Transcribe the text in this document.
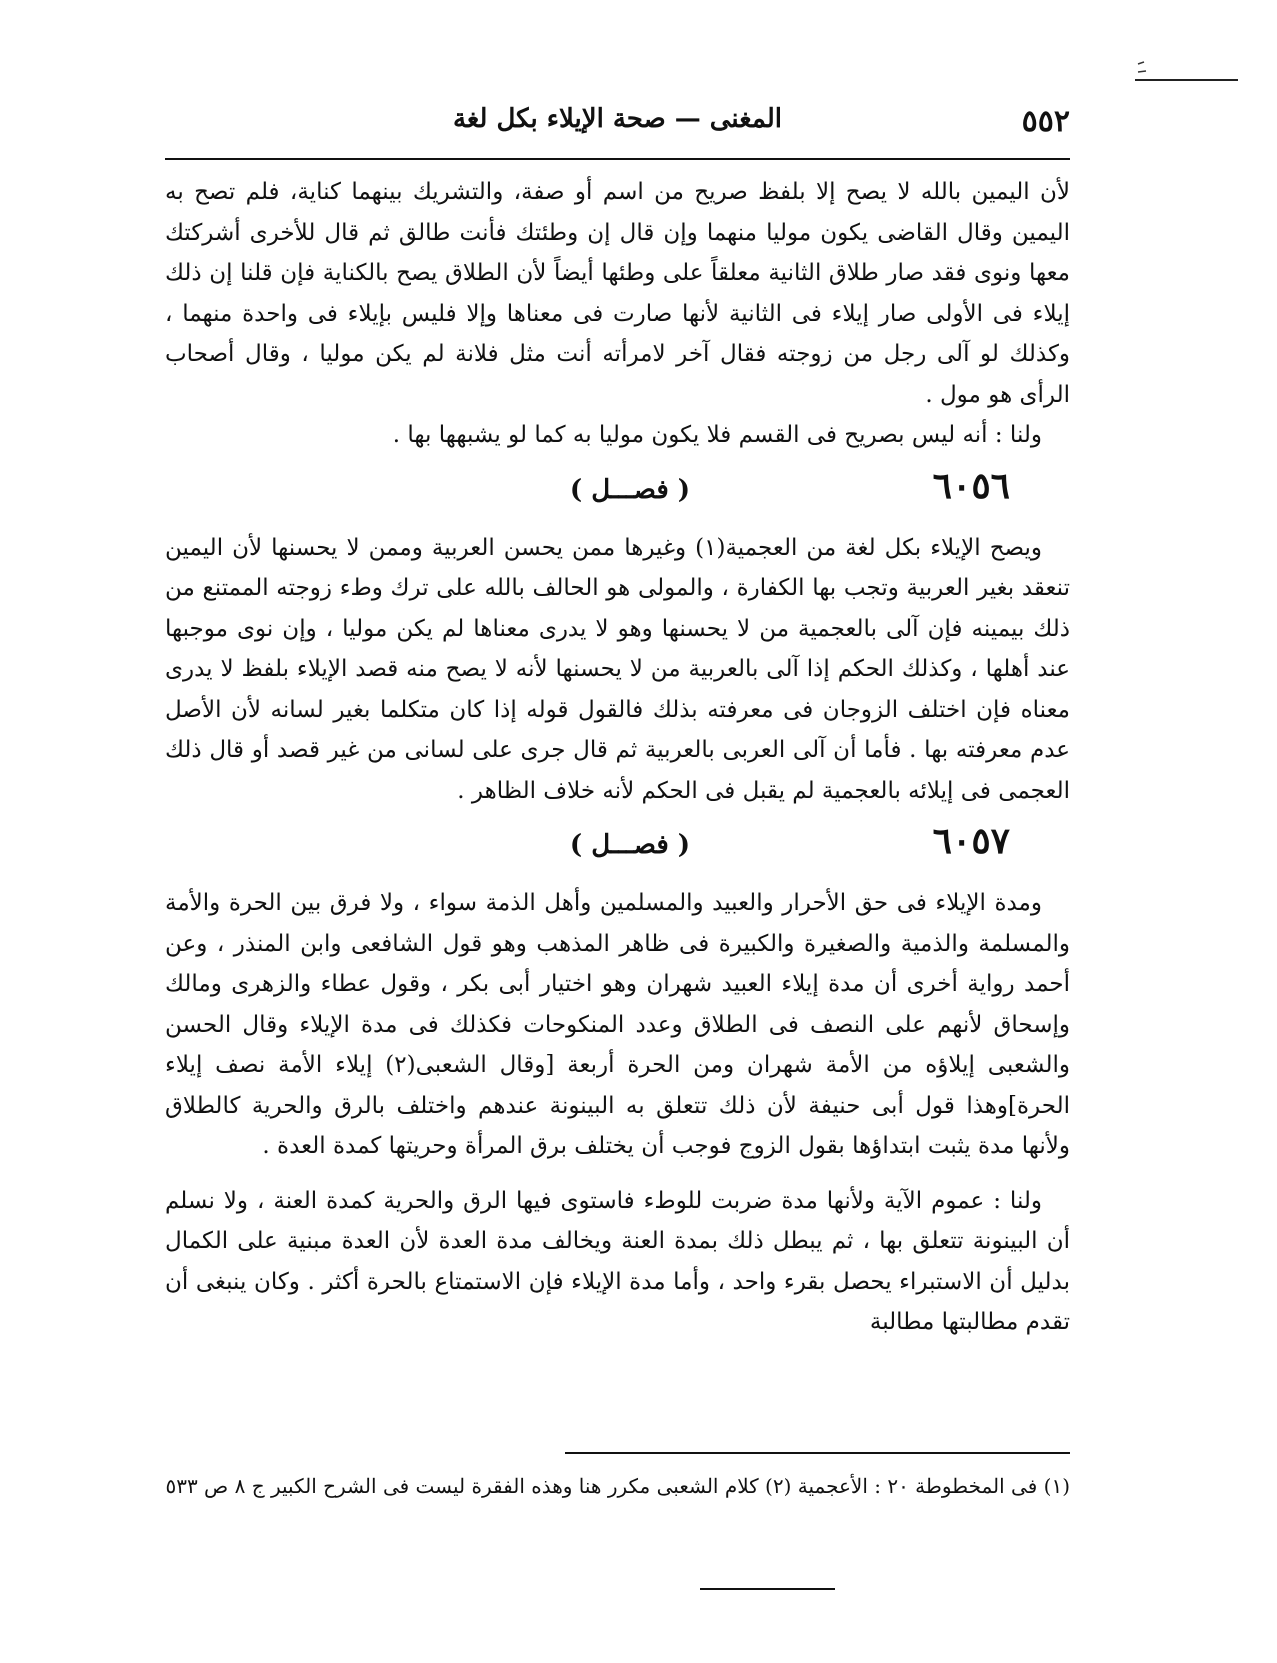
٥٥٢
المغنى — صحة الإيلاء بكل لغة

لأن اليمين بالله لا يصح إلا بلفظ صريح من اسم أو صفة، والتشريك بينهما كناية، فلم تصح به اليمين وقال القاضى يكون موليا منهما وإن قال إن وطئتك فأنت طالق ثم قال للأخرى أشركتك معها ونوى فقد صار طلاق الثانية معلقاً على وطئها أيضاً لأن الطلاق يصح بالكناية فإن قلنا إن ذلك إيلاء فى الأولى صار إيلاء فى الثانية لأنها صارت فى معناها وإلا فليس بإيلاء فى واحدة منهما ، وكذلك لو آلى رجل من زوجته فقال آخر لامرأته أنت مثل فلانة لم يكن موليا ، وقال أصحاب الرأى هو مول .

ولنا : أنه ليس بصريح فى القسم فلا يكون موليا به كما لو يشبهها بها .

٦٠٥٦
( فصـــل )

ويصح الإيلاء بكل لغة من العجمية(١) وغيرها ممن يحسن العربية وممن لا يحسنها لأن اليمين تنعقد بغير العربية وتجب بها الكفارة ، والمولى هو الحالف بالله على ترك وطء زوجته الممتنع من ذلك بيمينه فإن آلى بالعجمية من لا يحسنها وهو لا يدرى معناها لم يكن موليا ، وإن نوى موجبها عند أهلها ، وكذلك الحكم إذا آلى بالعربية من لا يحسنها لأنه لا يصح منه قصد الإيلاء بلفظ لا يدرى معناه فإن اختلف الزوجان فى معرفته بذلك فالقول قوله إذا كان متكلما بغير لسانه لأن الأصل عدم معرفته بها . فأما أن آلى العربى بالعربية ثم قال جرى على لسانى من غير قصد أو قال ذلك العجمى فى إيلائه بالعجمية لم يقبل فى الحكم لأنه خلاف الظاهر .

٦٠٥٧
( فصـــل )

ومدة الإيلاء فى حق الأحرار والعبيد والمسلمين وأهل الذمة سواء ، ولا فرق بين الحرة والأمة والمسلمة والذمية والصغيرة والكبيرة فى ظاهر المذهب وهو قول الشافعى وابن المنذر ، وعن أحمد رواية أخرى أن مدة إيلاء العبيد شهران وهو اختيار أبى بكر ، وقول عطاء والزهرى ومالك وإسحاق لأنهم على النصف فى الطلاق وعدد المنكوحات فكذلك فى مدة الإيلاء وقال الحسن والشعبى إيلاؤه من الأمة شهران ومن الحرة أربعة [وقال الشعبى(٢) إيلاء الأمة نصف إيلاء الحرة]وهذا قول أبى حنيفة لأن ذلك تتعلق به البينونة عندهم واختلف بالرق والحرية كالطلاق ولأنها مدة يثبت ابتداؤها بقول الزوج فوجب أن يختلف برق المرأة وحريتها كمدة العدة .

ولنا : عموم الآية ولأنها مدة ضربت للوطء فاستوى فيها الرق والحرية كمدة العنة ، ولا نسلم أن البينونة تتعلق بها ، ثم يبطل ذلك بمدة العنة ويخالف مدة العدة لأن العدة مبنية على الكمال بدليل أن الاستبراء يحصل بقرء واحد ، وأما مدة الإيلاء فإن الاستمتاع بالحرة أكثر . وكان ينبغى أن تقدم مطالبتها مطالبة

(١) فى المخطوطة ٢٠ : الأعجمية (٢) كلام الشعبى مكرر هنا وهذه الفقرة ليست فى الشرح الكبير ج ٨ ص ٥٣٣
